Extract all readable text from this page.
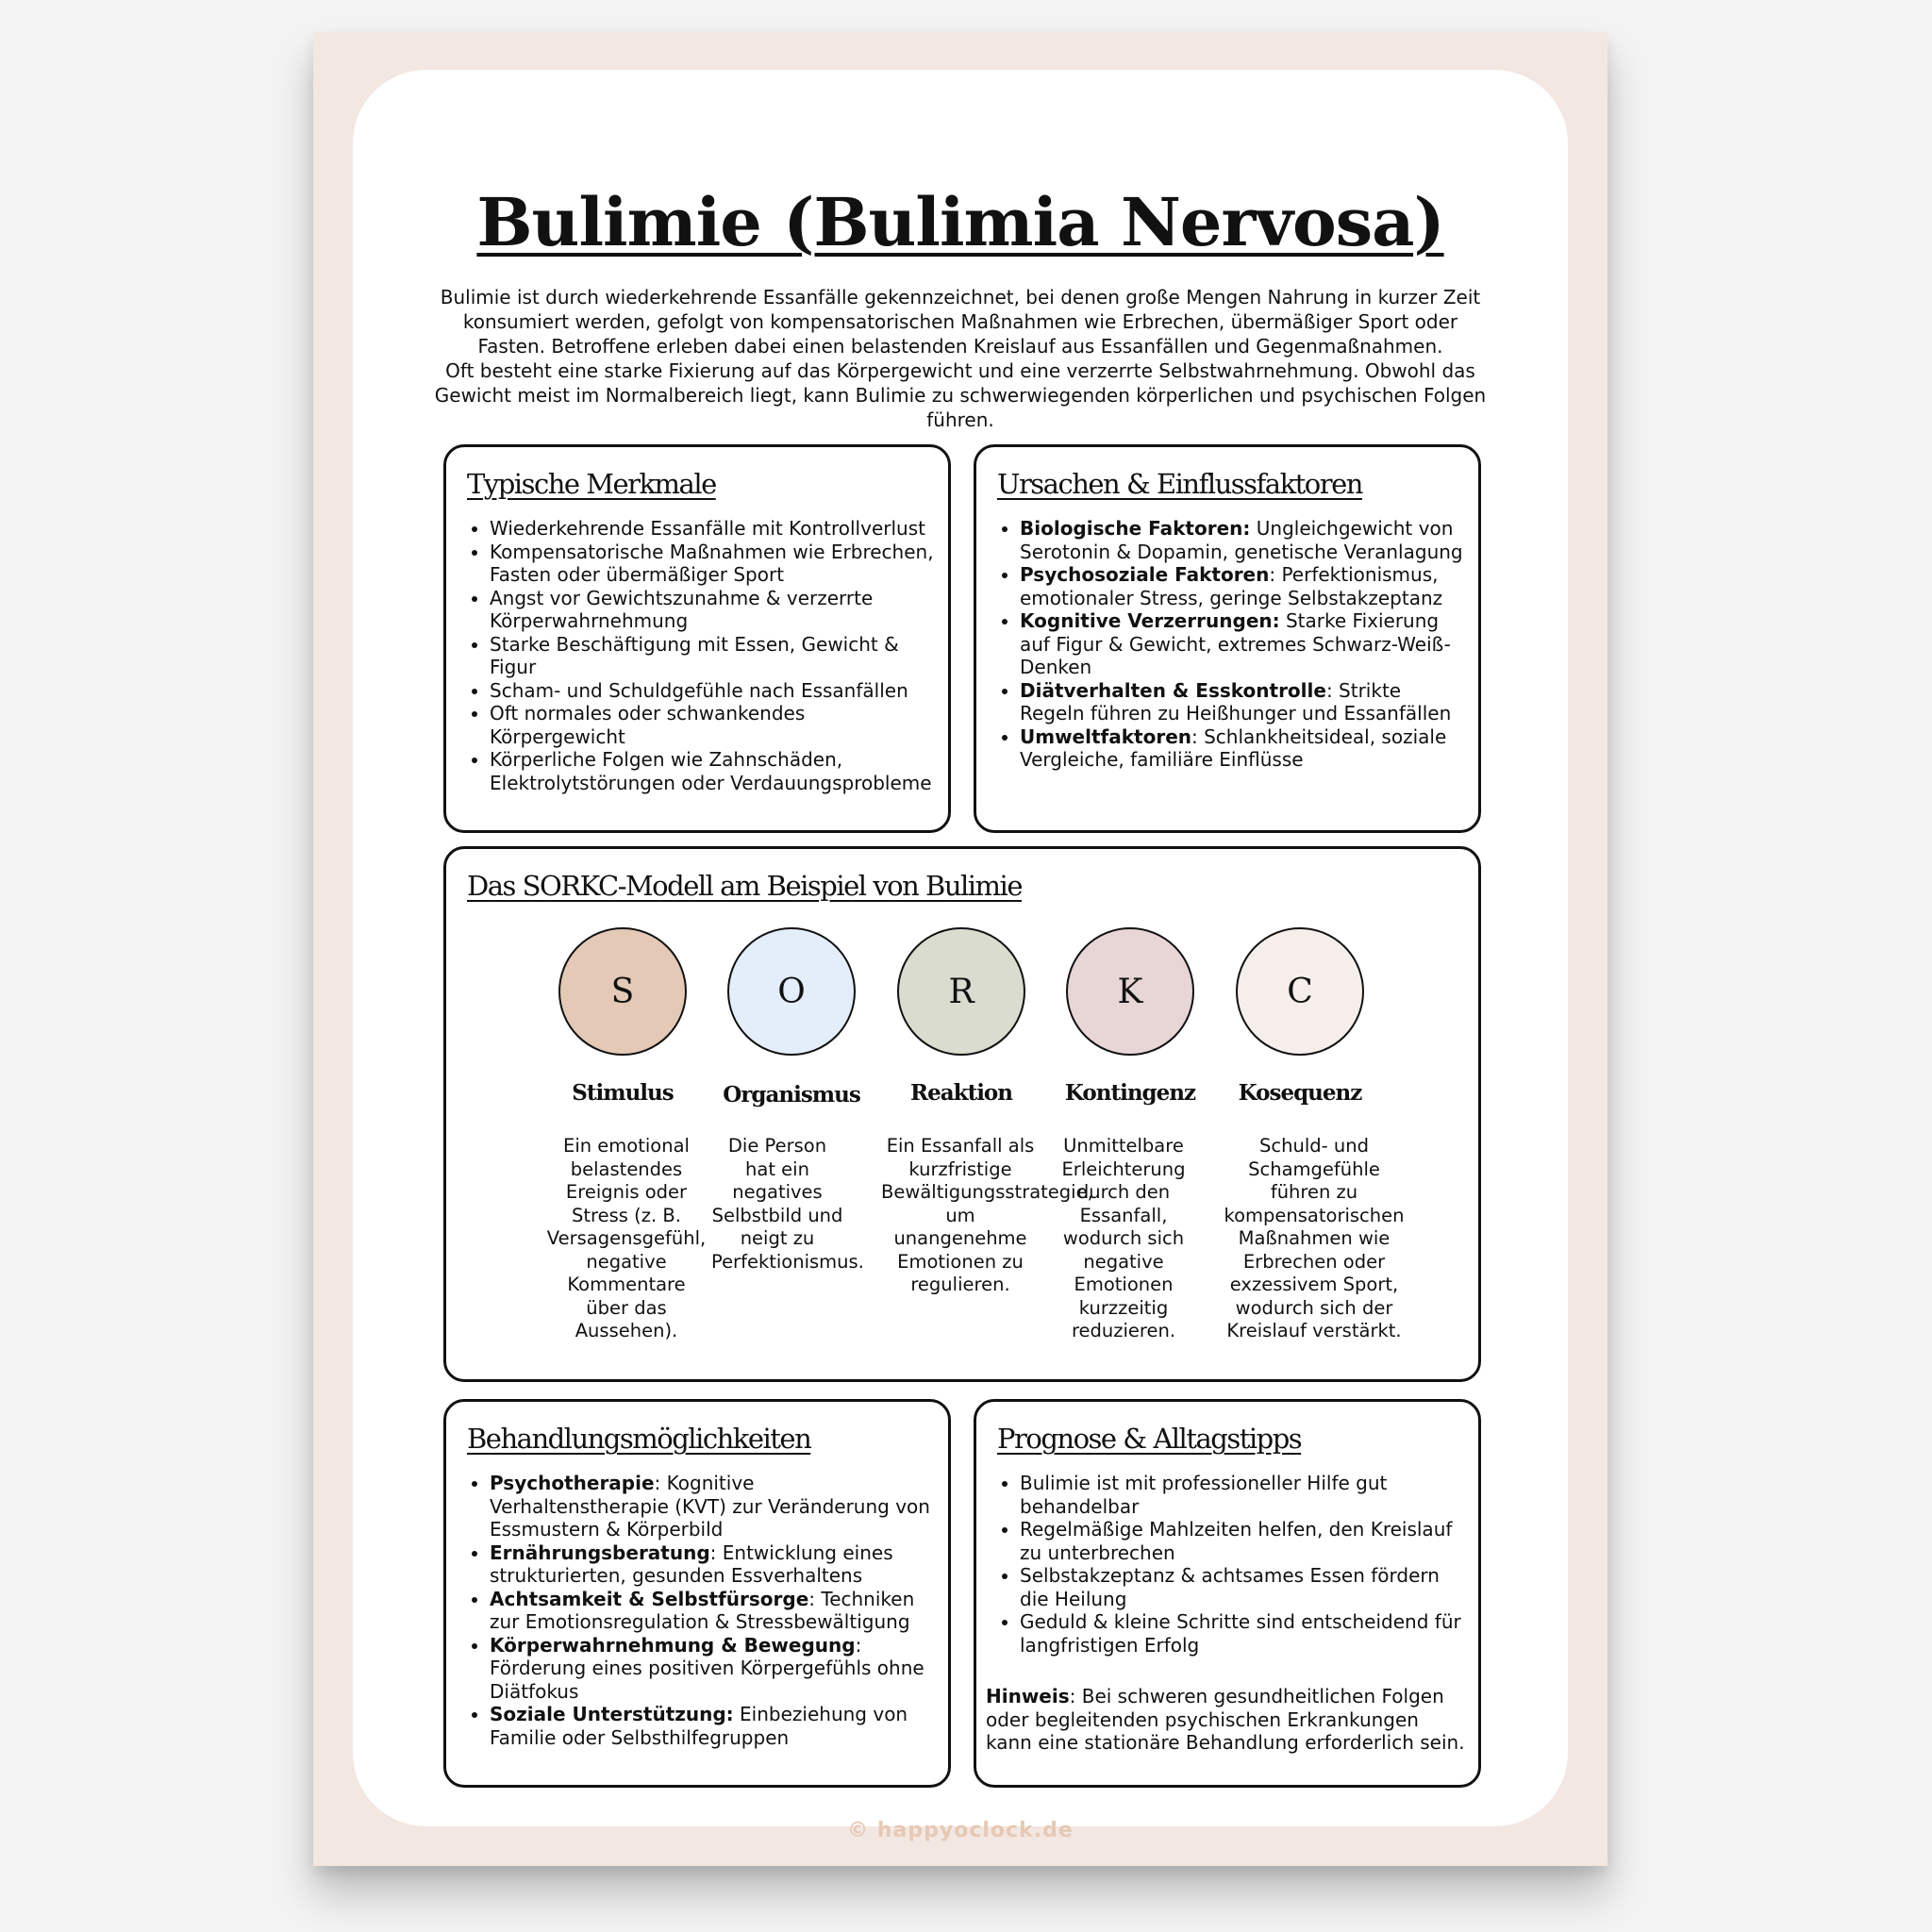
Bulimie (Bulimia Nervosa)

Bulimie ist durch wiederkehrende Essanfälle gekennzeichnet, bei denen große Mengen Nahrung in kurzer Zeit konsumiert werden, gefolgt von kompensatorischen Maßnahmen wie Erbrechen, übermäßiger Sport oder Fasten. Betroffene erleben dabei einen belastenden Kreislauf aus Essanfällen und Gegenmaßnahmen.

Oft besteht eine starke Fixierung auf das Körpergewicht und eine verzerrte Selbstwahrnehmung. Obwohl das Gewicht meist im Normalbereich liegt, kann Bulimie zu schwerwiegenden körperlichen und psychischen Folgen führen.

Typische Merkmale
• Wiederkehrende Essanfälle mit Kontrollverlust
• Kompensatorische Maßnahmen wie Erbrechen, Fasten oder übermäßiger Sport
• Angst vor Gewichtszunahme & verzerrte Körperwahrnehmung
• Starke Beschäftigung mit Essen, Gewicht & Figur
• Scham- und Schuldgefühle nach Essanfällen
• Oft normales oder schwankendes Körpergewicht
• Körperliche Folgen wie Zahnschäden, Elektrolytstörungen oder Verdauungsprobleme
Ursachen & Einflussfaktoren
• Biologische Faktoren: Ungleichgewicht von Serotonin & Dopamin, genetische Veranlagung
• Psychosoziale Faktoren: Perfektionismus, emotionaler Stress, geringe Selbstakzeptanz
• Kognitive Verzerrungen: Starke Fixierung auf Figur & Gewicht, extremes Schwarz-Weiß-Denken
• Diätverhalten & Esskontrolle: Strikte Regeln führen zu Heißhunger und Essanfällen
• Umweltfaktoren: Schlankheitsideal, soziale Vergleiche, familiäre Einflüsse
Das SORKC-Modell am Beispiel von Bulimie
S	O	R	K	C
Stimulus	Organismus	Reaktion	Kontingenz	Kosequenz
Ein emotional belastendes Ereignis oder Stress (z. B. Versagensgefühl, negative Kommentare über das Aussehen).
Die Person hat ein negatives Selbstbild und neigt zu Perfektionismus.
Ein Essanfall als kurzfristige Bewältigungsstrategie, um unangenehme Emotionen zu regulieren.
Unmittelbare Erleichterung durch den Essanfall, wodurch sich negative Emotionen kurzzeitig reduzieren.
Schuld- und Schamgefühle führen zu kompensatorischen Maßnahmen wie Erbrechen oder exzessivem Sport, wodurch sich der Kreislauf verstärkt.
Behandlungsmöglichkeiten
• Psychotherapie: Kognitive Verhaltenstherapie (KVT) zur Veränderung von Essmustern & Körperbild
• Ernährungsberatung: Entwicklung eines strukturierten, gesunden Essverhaltens
• Achtsamkeit & Selbstfürsorge: Techniken zur Emotionsregulation & Stressbewältigung
• Körperwahrnehmung & Bewegung: Förderung eines positiven Körpergefühls ohne Diätfokus
• Soziale Unterstützung: Einbeziehung von Familie oder Selbsthilfegruppen
Prognose & Alltagstipps
• Bulimie ist mit professioneller Hilfe gut behandelbar
• Regelmäßige Mahlzeiten helfen, den Kreislauf zu unterbrechen
• Selbstakzeptanz & achtsames Essen fördern die Heilung
• Geduld & kleine Schritte sind entscheidend für langfristigen Erfolg
Hinweis: Bei schweren gesundheitlichen Folgen oder begleitenden psychischen Erkrankungen kann eine stationäre Behandlung erforderlich sein.
© happyoclock.de
